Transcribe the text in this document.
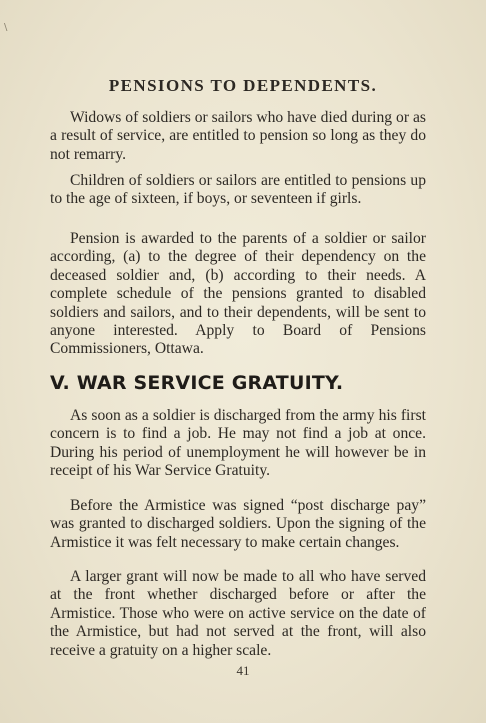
\
PENSIONS TO DEPENDENTS.

Widows of soldiers or sailors who have died during or as a result of service, are entitled to pension so long as they do not remarry.

Children of soldiers or sailors are entitled to pensions up to the age of sixteen, if boys, or seventeen if girls.

Pension is awarded to the parents of a soldier or sailor according, (a) to the degree of their dependency on the deceased soldier and, (b) according to their needs. A complete schedule of the pensions granted to disabled soldiers and sailors, and to their dependents, will be sent to anyone interested. Apply to Board of Pensions Commissioners, Ottawa.

V. WAR SERVICE GRATUITY.

As soon as a soldier is discharged from the army his first concern is to find a job. He may not find a job at once. During his period of unemployment he will however be in receipt of his War Service Gratuity.

Before the Armistice was signed “post discharge pay” was granted to discharged soldiers. Upon the signing of the Armistice it was felt necessary to make certain changes.

A larger grant will now be made to all who have served at the front whether discharged before or after the Armistice. Those who were on active service on the date of the Armistice, but had not served at the front, will also receive a gratuity on a higher scale.

41
